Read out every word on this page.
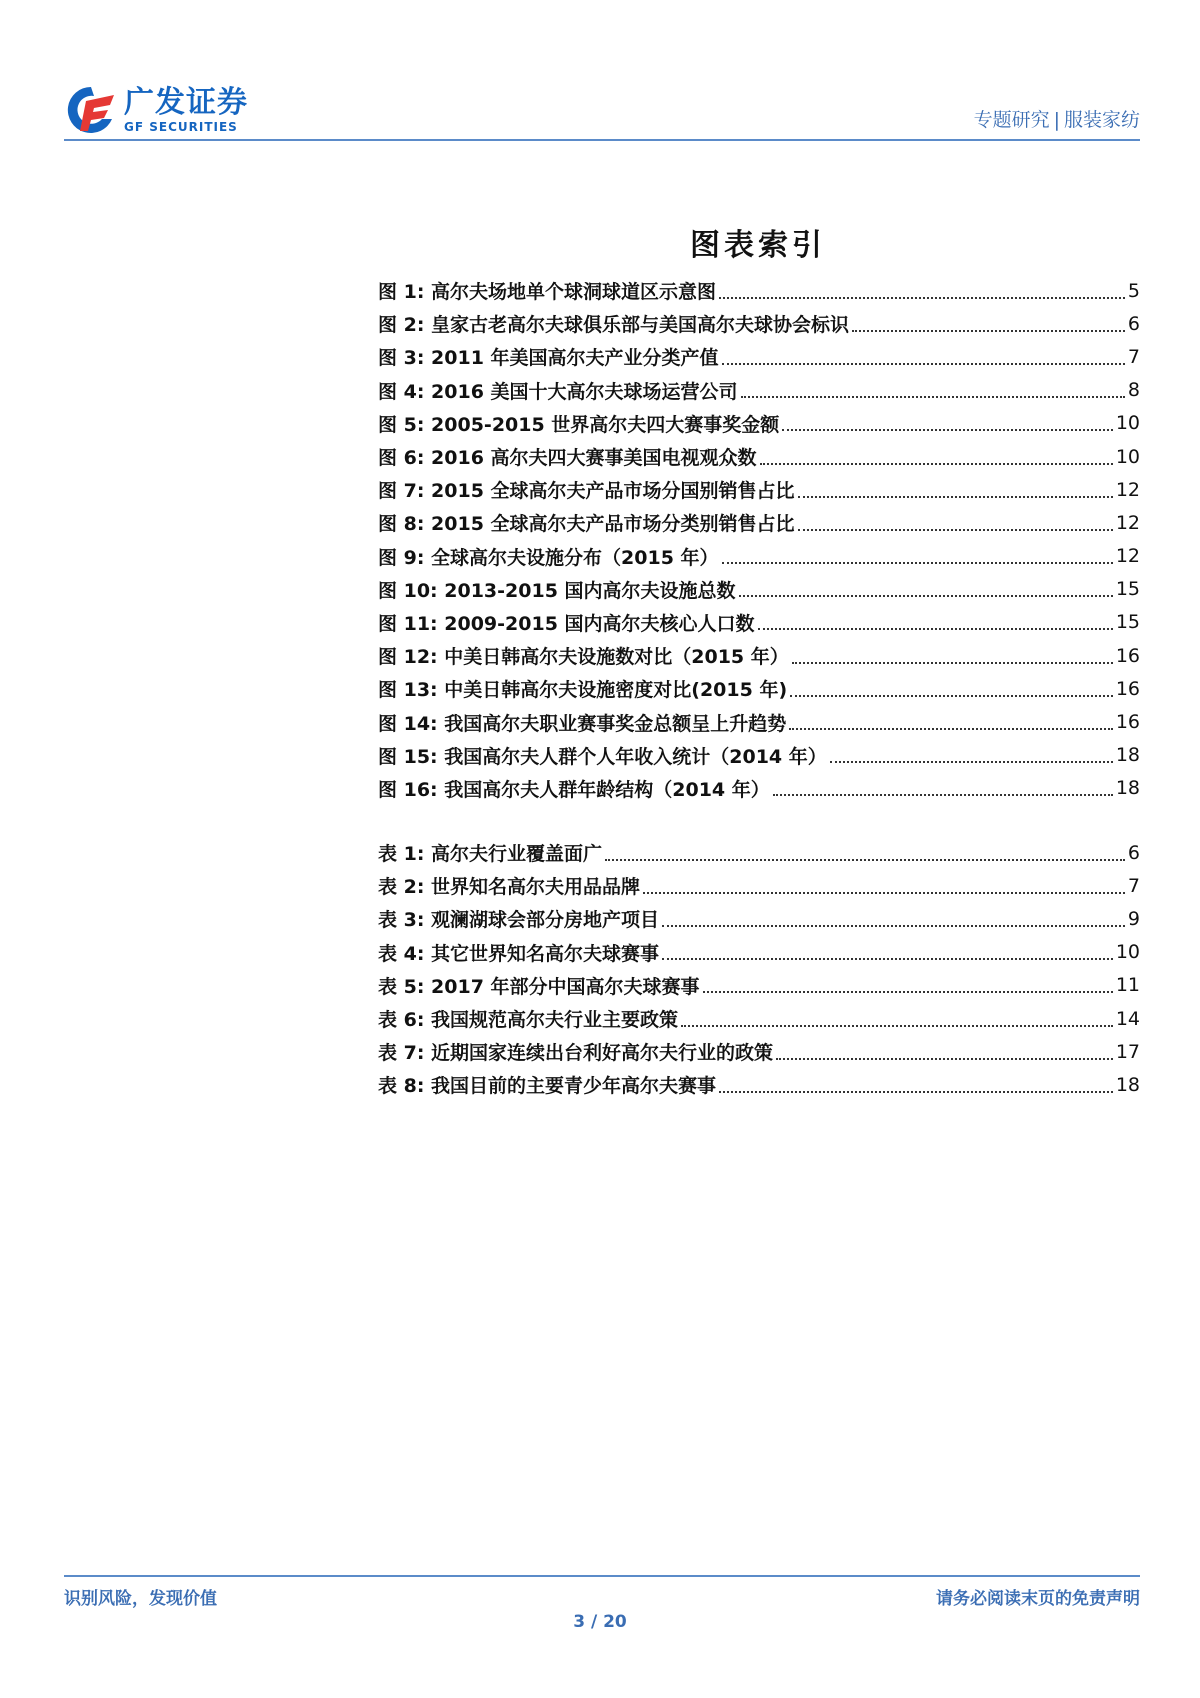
广发证券
GF SECURITIES	专题研究 | 服装家纺
图表索引
图 1: 高尔夫场地单个球洞球道区示意图	5
图 2: 皇家古老高尔夫球俱乐部与美国高尔夫球协会标识	6
图 3: 2011 年美国高尔夫产业分类产值	7
图 4: 2016 美国十大高尔夫球场运营公司	8
图 5: 2005-2015 世界高尔夫四大赛事奖金额	10
图 6: 2016 高尔夫四大赛事美国电视观众数	10
图 7: 2015 全球高尔夫产品市场分国别销售占比	12
图 8: 2015 全球高尔夫产品市场分类别销售占比	12
图 9: 全球高尔夫设施分布（2015 年）	12
图 10: 2013-2015 国内高尔夫设施总数	15
图 11: 2009-2015 国内高尔夫核心人口数	15
图 12: 中美日韩高尔夫设施数对比（2015 年）	16
图 13: 中美日韩高尔夫设施密度对比(2015 年)	16
图 14: 我国高尔夫职业赛事奖金总额呈上升趋势	16
图 15: 我国高尔夫人群个人年收入统计（2014 年）	18
图 16: 我国高尔夫人群年龄结构（2014 年）	18
表 1: 高尔夫行业覆盖面广	6
表 2: 世界知名高尔夫用品品牌	7
表 3: 观澜湖球会部分房地产项目	9
表 4: 其它世界知名高尔夫球赛事	10
表 5: 2017 年部分中国高尔夫球赛事	11
表 6: 我国规范高尔夫行业主要政策	14
表 7: 近期国家连续出台利好高尔夫行业的政策	17
表 8: 我国目前的主要青少年高尔夫赛事	18
识别风险，发现价值	请务必阅读末页的免责声明
3 / 20
